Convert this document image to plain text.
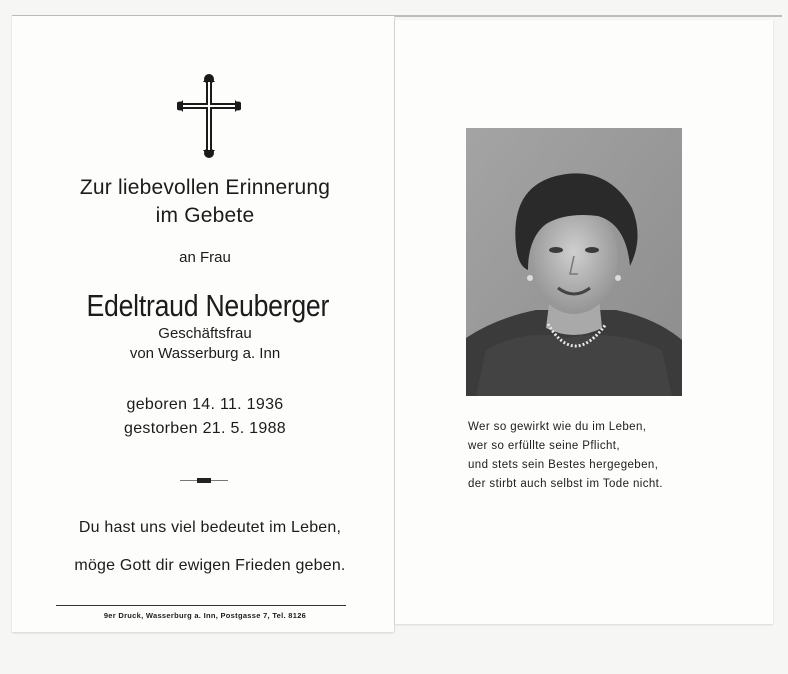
Zur liebevollen Erinnerung
im Gebete
an Frau
Edeltraud Neuberger
Geschäftsfrau
von Wasserburg a. Inn
geboren 14. 11. 1936
gestorben 21. 5. 1988
Du hast uns viel bedeutet im Leben,
möge Gott dir ewigen Frieden geben.
9er Druck, Wasserburg a. Inn, Postgasse 7, Tel. 8126
Wer so gewirkt wie du im Leben,
wer so erfüllte seine Pflicht,
und stets sein Bestes hergegeben,
der stirbt auch selbst im Tode nicht.
